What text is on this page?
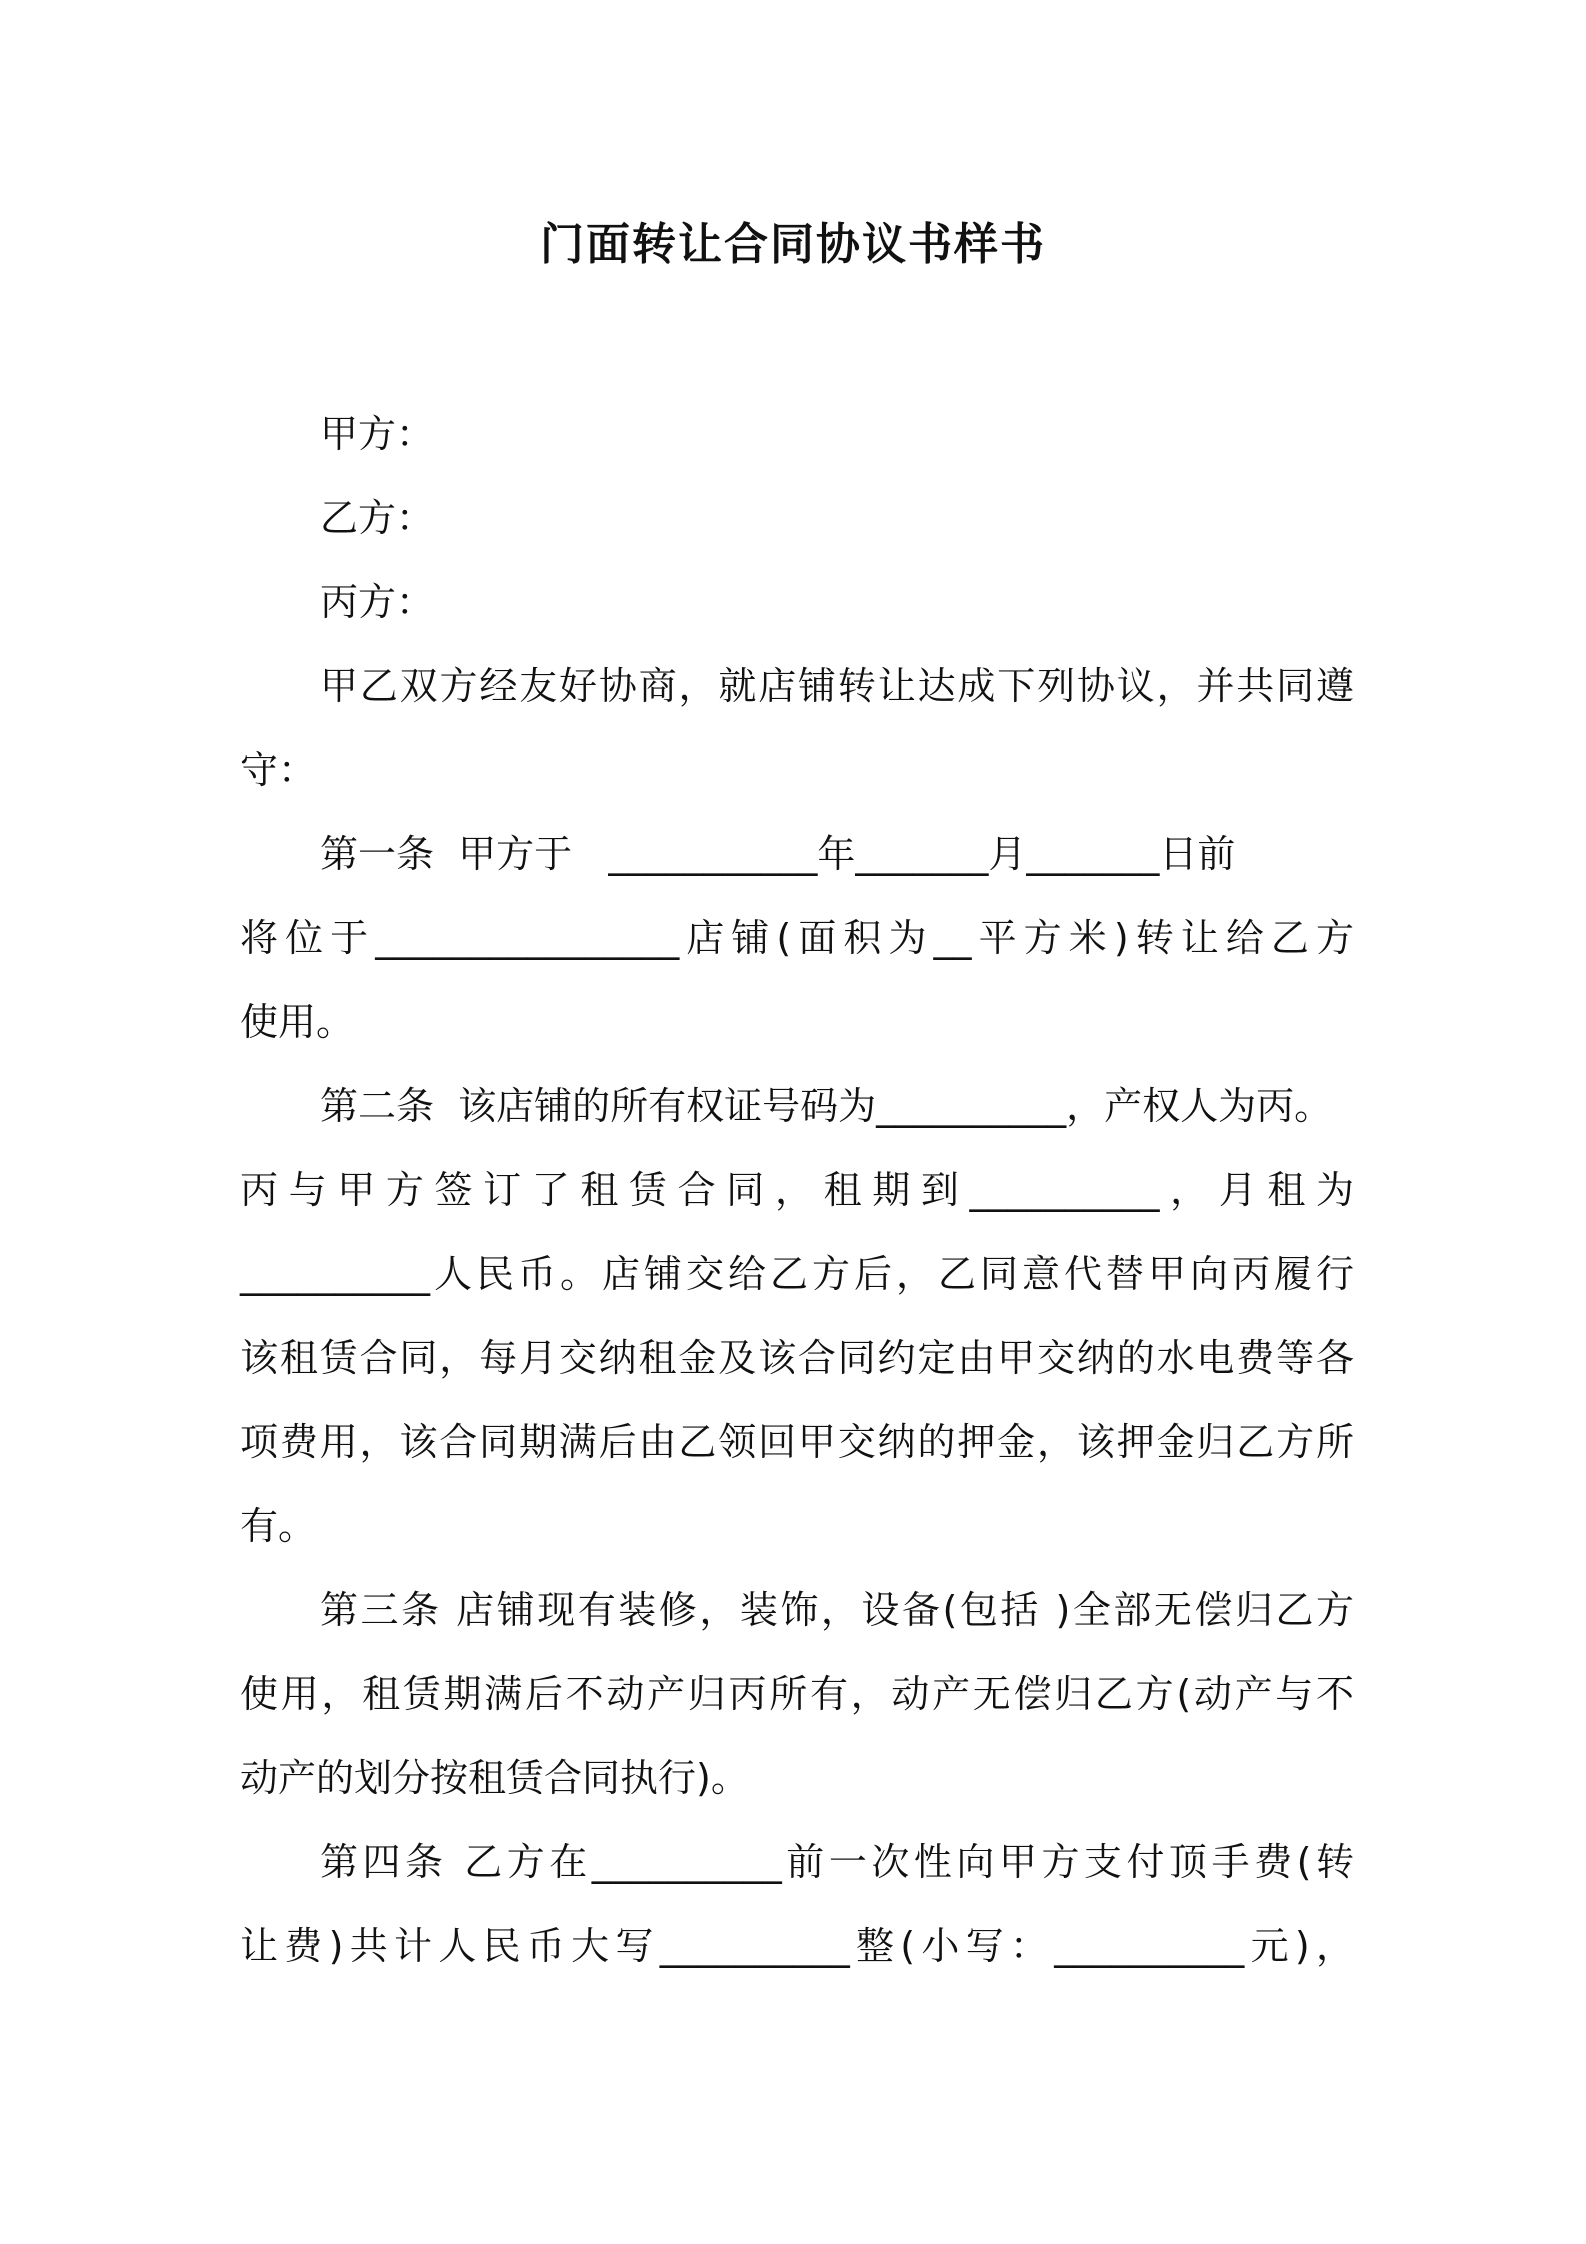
门面转让合同协议书样书

甲方：

乙方：

丙方：

甲乙双方经友好协商，就店铺转让达成下列协议，并共同遵

守：

第一条  甲方于   ___________年_______月_______日前

将位于________________店铺(面积为__平方米)转让给乙方

使用。

第二条  该店铺的所有权证号码为__________，产权人为丙。

丙与甲方签订了租赁合同，租期到__________，月租为

__________人民币。店铺交给乙方后，乙同意代替甲向丙履行

该租赁合同，每月交纳租金及该合同约定由甲交纳的水电费等各

项费用，该合同期满后由乙领回甲交纳的押金，该押金归乙方所

有。

第三条 店铺现有装修，装饰，设备(包括 )全部无偿归乙方

使用，租赁期满后不动产归丙所有，动产无偿归乙方(动产与不

动产的划分按租赁合同执行)。

第四条 乙方在__________前一次性向甲方支付顶手费(转

让费)共计人民币大写__________整(小写：__________元)，
